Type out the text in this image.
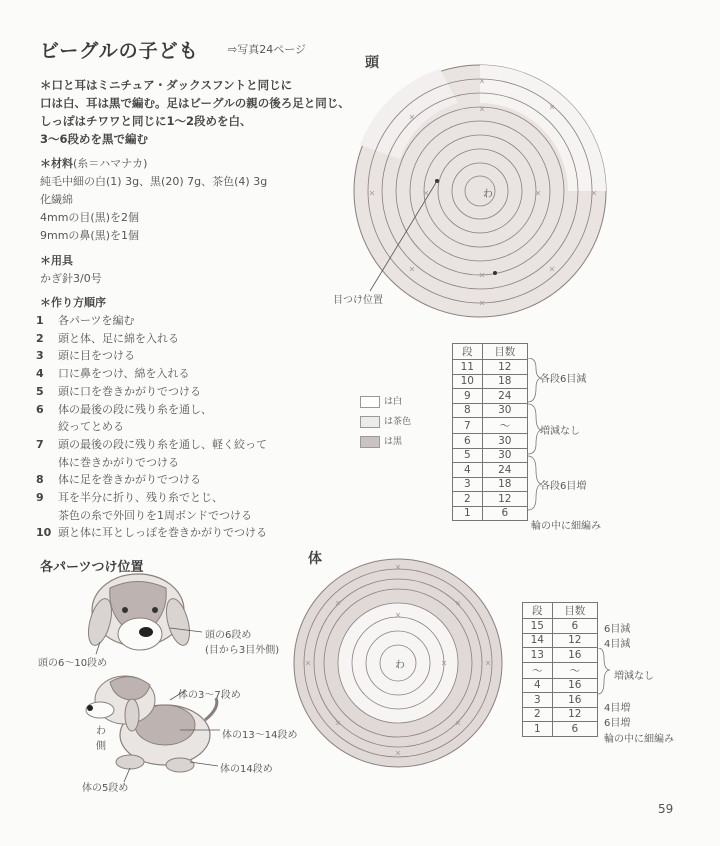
ビーグルの子ども	⇨写真24ページ
＊口と耳はミニチュア・ダックスフントと同じに
口は白、耳は黒で編む。足はビーグルの親の後ろ足と同じ、
しっぽはチワワと同じに1〜2段めを白、
3〜6段めを黒で編む
＊材料(糸＝ハマナカ)
純毛中細の白(1) 3g、黒(20) 7g、茶色(4) 3g
化繊綿
4mmの目(黒)を2個
9mmの鼻(黒)を1個
＊用具
かぎ針3/0号
＊作り方順序
1	各パーツを編む
2	頭と体、足に綿を入れる
3	頭に目をつける
4	口に鼻をつけ、綿を入れる
5	頭に口を巻きかがりでつける
6	体の最後の段に残り糸を通し、
絞ってとめる
7	頭の最後の段に残り糸を通し、軽く絞って
体に巻きかがりでつける
8	体に足を巻きかがりでつける
9	耳を半分に折り、残り糸でとじ、
茶色の糸で外回りを1周ボンドでつける
10 頭と体に耳としっぽを巻きかがりでつける
各パーツつけ位置
わ
側
頭の6段め
(目から3目外側)
頭の6〜10段め
体の3〜7段め
体の13〜14段め
体の14段め
体の5段め
頭
わ
目つけ位置
は白
は茶色
は黒
段	目数
11	12
10	18
9	24
8	30
7	〜
6	30
5	30
4	24
3	18
2	12
1	6
各段6目減
増減なし
各段6目増
輪の中に細編み
体
わ
段	目数
15	6
14	12
13	16
〜	〜
4	16
3	16
2	12
1	6
6目減
4目減
増減なし
4目増
6目増
輪の中に細編み
59
